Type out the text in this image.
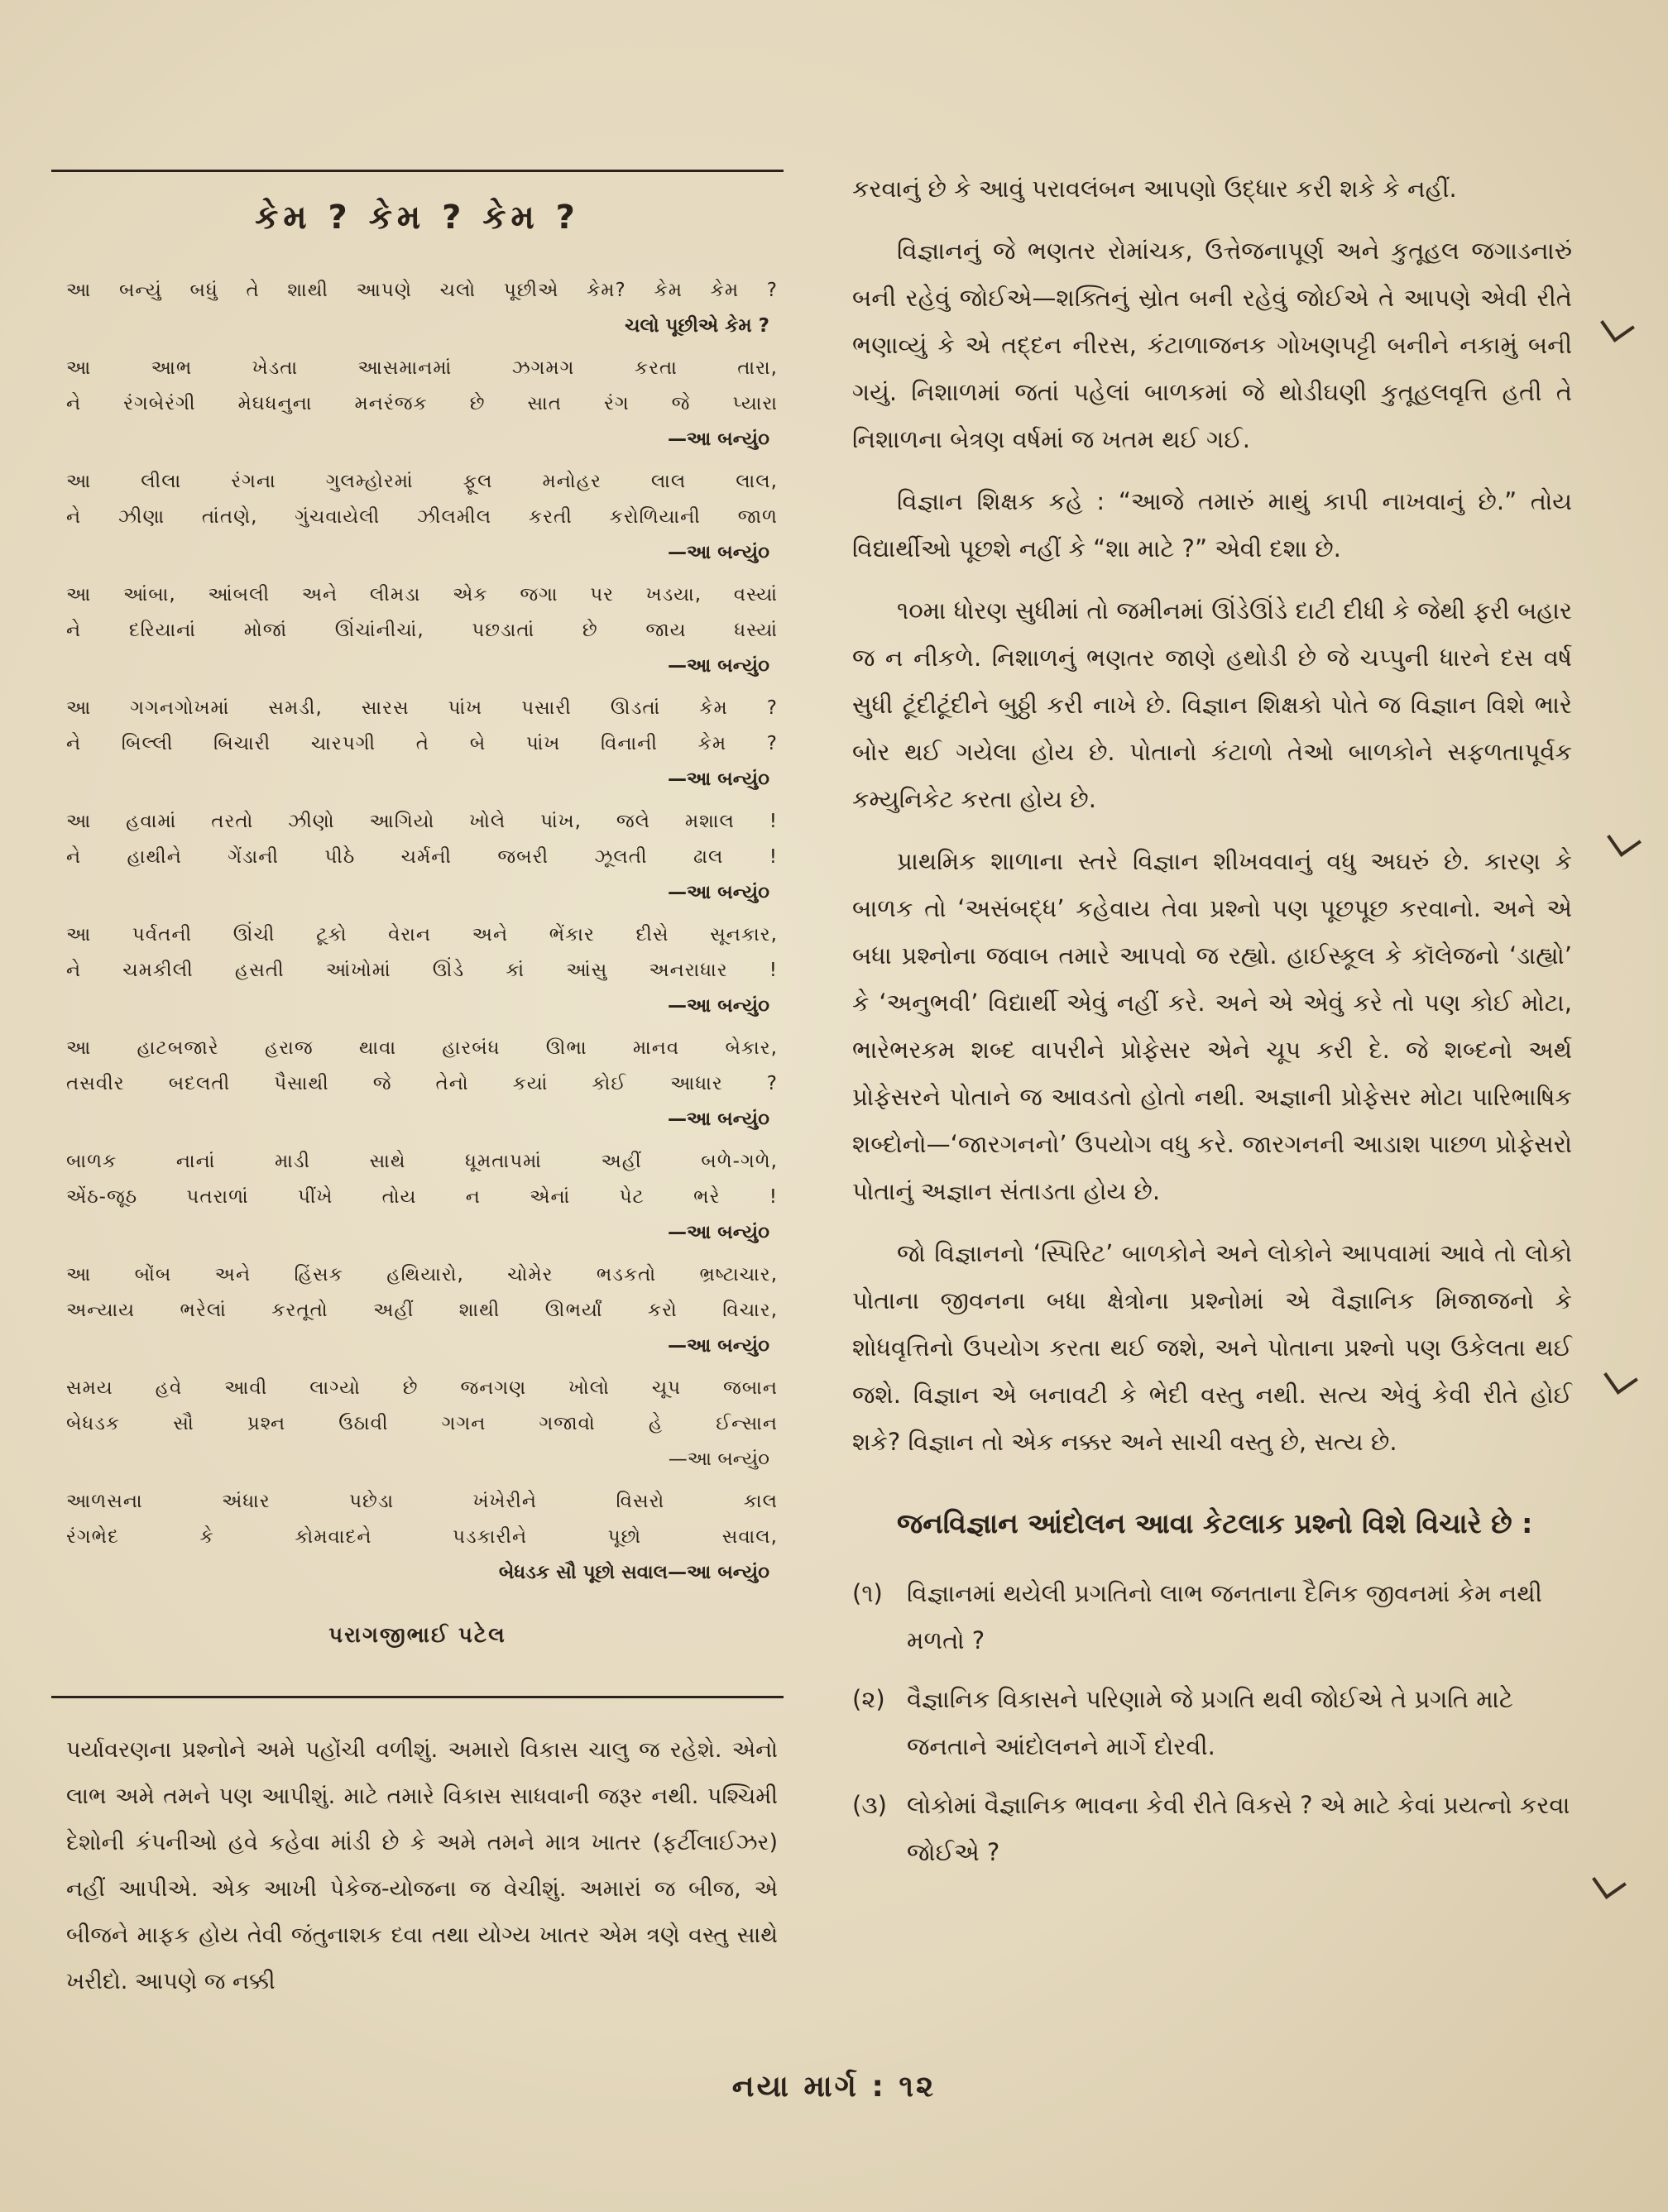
કેમ ? કેમ ? કેમ ?
આ બન્યું બધું તે શાથી આપણે ચલો પૂછીએ કેમ? કેમ કેમ ?
ચલો પૂછીએ કેમ ?
આ આભ ખેડતા આસમાનમાં ઝગમગ કરતા તારા,
ને રંગબેરંગી મેઘધનુના મનરંજક છે સાત રંગ જે પ્યારા
—આ બન્યું૦
આ લીલા રંગના ગુલમ્હોરમાં ફૂલ મનોહર લાલ લાલ,
ને ઝીણા તાંતણે, ગુંચવાયેલી ઝીલમીલ કરતી કરોળિયાની જાળ
—આ બન્યું૦
આ આંબા, આંબલી અને લીમડા એક જગા પર ખડયા, વસ્યાં
ને દરિયાનાં મોજાં ઊંચાંનીચાં, પછડાતાં છે જાય ધસ્યાં
—આ બન્યું૦
આ ગગનગોખમાં સમડી, સારસ પાંખ પસારી ઊડતાં કેમ ?
ને બિલ્લી બિચારી ચારપગી તે બે પાંખ વિનાની કેમ ?
—આ બન્યું૦
આ હવામાં તરતો ઝીણો આગિયો ખોલે પાંખ, જલે મશાલ !
ને હાથીને ગેંડાની પીઠે ચર્મની જબરી ઝૂલતી ઢાલ !
—આ બન્યું૦
આ પર્વતની ઊંચી ટૂકો વેરાન અને ભેંકાર દીસે સૂનકાર,
ને ચમકીલી હસતી આંખોમાં ઊંડે કાં આંસુ અનરાધાર !
—આ બન્યું૦
આ હાટબજારે હરાજ થાવા હારબંધ ઊભા માનવ બેકાર,
તસવીર બદલતી પૈસાથી જે તેનો કયાં કોઈ આધાર ?
—આ બન્યું૦
બાળક નાનાં માડી સાથે ધૂમતાપમાં અહીં બળે-ગળે,
એંઠ-જૂઠ પતરાળાં પીંખે તોય ન એનાં પેટ ભરે !
—આ બન્યું૦
આ બોંબ અને હિંસક હથિયારો, ચોમેર ભડકતો ભ્રષ્ટાચાર,
અન્યાય ભરેલાં કરતૂતો અહીં શાથી ઊભર્યાં કરો વિચાર,
—આ બન્યું૦
સમય હવે આવી લાગ્યો છે જનગણ ખોલો ચૂપ જબાન
બેધડક સૌ પ્રશ્ન ઉઠાવી ગગન ગજાવો હે ઈન્સાન
—આ બન્યું૦
આળસના અંધાર પછેડા ખંખેરીને વિસરો કાલ
રંગભેદ કે કોમવાદને પડકારીને પૂછો સવાલ,
બેધડક સૌ પૂછો સવાલ—આ બન્યું૦
પરાગજીભાઈ પટેલ
પર્યાવરણના પ્રશ્નોને અમે પહોંચી વળીશું. અમારો વિકાસ ચાલુ જ રહેશે. એનો લાભ અમે તમને પણ આપીશું. માટે તમારે વિકાસ સાધવાની જરૂર નથી. પશ્ચિમી દેશોની કંપનીઓ હવે કહેવા માંડી છે કે અમે તમને માત્ર ખાતર (ફર્ટીલાઈઝર) નહીં આપીએ. એક આખી પેકેજ-યોજના જ વેચીશું. અમારાં જ બીજ, એ બીજને માફક હોય તેવી જંતુનાશક દવા તથા યોગ્ય ખાતર એમ ત્રણે વસ્તુ સાથે ખરીદો. આપણે જ નક્કી

કરવાનું છે કે આવું પરાવલંબન આપણો ઉદ્ધાર કરી શકે કે નહીં.

વિજ્ઞાનનું જે ભણતર રોમાંચક, ઉત્તેજનાપૂર્ણ અને કુતૂહલ જગાડનારું બની રહેવું જોઈએ—શક્તિનું સ્રોત બની રહેવું જોઈએ તે આપણે એવી રીતે ભણાવ્યું કે એ તદ્દન નીરસ, કંટાળાજનક ગોખણપટ્ટી બનીને નકામું બની ગયું. નિશાળમાં જતાં પહેલાં બાળકમાં જે થોડીઘણી કુતૂહલવૃત્તિ હતી તે નિશાળના બેત્રણ વર્ષમાં જ ખતમ થઈ ગઈ.

વિજ્ઞાન શિક્ષક કહે : “આજે તમારું માથું કાપી નાખવાનું છે.” તોય વિદ્યાર્થીઓ પૂછશે નહીં કે “શા માટે ?” એવી દશા છે.

૧૦મા ધોરણ સુધીમાં તો જમીનમાં ઊંડેઊંડે દાટી દીધી કે જેથી ફરી બહાર જ ન નીકળે. નિશાળનું ભણતર જાણે હથોડી છે જે ચપ્પુની ધારને દસ વર્ષ સુધી ટૂંદીટૂંદીને બુઠ્ઠી કરી નાખે છે. વિજ્ઞાન શિક્ષકો પોતે જ વિજ્ઞાન વિશે ભારે બોર થઈ ગયેલા હોય છે. પોતાનો કંટાળો તેઓ બાળકોને સફળતાપૂર્વક કમ્યુનિકેટ કરતા હોય છે.

પ્રાથમિક શાળાના સ્તરે વિજ્ઞાન શીખવવાનું વધુ અઘરું છે. કારણ કે બાળક તો ‘અસંબદ્ધ’ કહેવાય તેવા પ્રશ્નો પણ પૂછપૂછ કરવાનો. અને એ બધા પ્રશ્નોના જવાબ તમારે આપવો જ રહ્યો. હાઈસ્કૂલ કે કૉલેજનો ‘ડાહ્યો’ કે ‘અનુભવી’ વિદ્યાર્થી એવું નહીં કરે. અને એ એવું કરે તો પણ કોઈ મોટા, ભારેભરકમ શબ્દ વાપરીને પ્રોફેસર એને ચૂપ કરી દે. જે શબ્દનો અર્થ પ્રોફેસરને પોતાને જ આવડતો હોતો નથી. અજ્ઞાની પ્રોફેસર મોટા પારિભાષિક શબ્દોનો—‘જારગનનો’ ઉપયોગ વધુ કરે. જારગનની આડાશ પાછળ પ્રોફેસરો પોતાનું અજ્ઞાન સંતાડતા હોય છે.

જો વિજ્ઞાનનો ‘સ્પિરિટ’ બાળકોને અને લોકોને આપવામાં આવે તો લોકો પોતાના જીવનના બધા ક્ષેત્રોના પ્રશ્નોમાં એ વૈજ્ઞાનિક મિજાજનો કે શોધવૃત્તિનો ઉપયોગ કરતા થઈ જશે, અને પોતાના પ્રશ્નો પણ ઉકેલતા થઈ જશે. વિજ્ઞાન એ બનાવટી કે ભેદી વસ્તુ નથી. સત્ય એવું કેવી રીતે હોઈ શકે? વિજ્ઞાન તો એક નક્કર અને સાચી વસ્તુ છે, સત્ય છે.

જનવિજ્ઞાન આંદોલન આવા કેટલાક પ્રશ્નો વિશે વિચારે છે :
(૧)	વિજ્ઞાનમાં થયેલી પ્રગતિનો લાભ જનતાના દૈનિક જીવનમાં કેમ નથી મળતો ?
(૨) વૈજ્ઞાનિક વિકાસને પરિણામે જે પ્રગતિ થવી જોઈએ તે પ્રગતિ માટે જનતાને આંદોલનને માર્ગે દોરવી.
(૩) લોકોમાં વૈજ્ઞાનિક ભાવના કેવી રીતે વિકસે ? એ માટે કેવાં પ્રયત્નો કરવા જોઈએ ?
નયા માર્ગ : ૧૨
